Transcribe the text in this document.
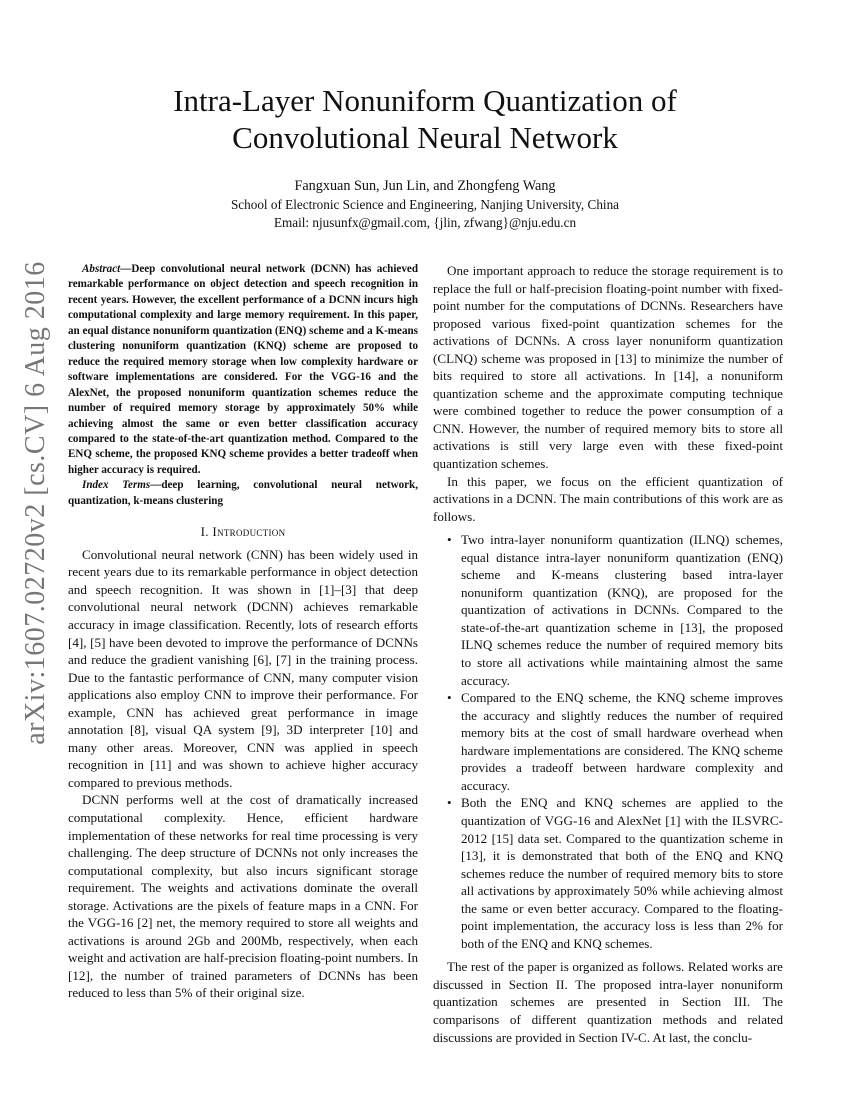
arXiv:1607.02720v2 [cs.CV] 6 Aug 2016
Intra-Layer Nonuniform Quantization of
Convolutional Neural Network

Fangxuan Sun, Jun Lin, and Zhongfeng Wang

School of Electronic Science and Engineering, Nanjing University, China

Email: njusunfx@gmail.com, {jlin, zfwang}@nju.edu.cn

Abstract—Deep convolutional neural network (DCNN) has achieved remarkable performance on object detection and speech recognition in recent years. However, the excellent performance of a DCNN incurs high computational complexity and large memory requirement. In this paper, an equal distance nonuniform quantization (ENQ) scheme and a K-means clustering nonuniform quantization (KNQ) scheme are proposed to reduce the required memory storage when low complexity hardware or software implementations are considered. For the VGG-16 and the AlexNet, the proposed nonuniform quantization schemes reduce the number of required memory storage by approximately 50% while achieving almost the same or even better classification accuracy compared to the state-of-the-art quantization method. Compared to the ENQ scheme, the proposed KNQ scheme provides a better tradeoff when higher accuracy is required.

Index Terms—deep learning, convolutional neural network, quantization, k-means clustering

I. Introduction

Convolutional neural network (CNN) has been widely used in recent years due to its remarkable performance in object detection and speech recognition. It was shown in [1]–[3] that deep convolutional neural network (DCNN) achieves remarkable accuracy in image classification. Recently, lots of research efforts [4], [5] have been devoted to improve the performance of DCNNs and reduce the gradient vanishing [6], [7] in the training process. Due to the fantastic performance of CNN, many computer vision applications also employ CNN to improve their performance. For example, CNN has achieved great performance in image annotation [8], visual QA system [9], 3D interpreter [10] and many other areas. Moreover, CNN was applied in speech recognition in [11] and was shown to achieve higher accuracy compared to previous methods.

DCNN performs well at the cost of dramatically increased computational complexity. Hence, efficient hardware implementation of these networks for real time processing is very challenging. The deep structure of DCNNs not only increases the computational complexity, but also incurs significant storage requirement. The weights and activations dominate the overall storage. Activations are the pixels of feature maps in a CNN. For the VGG-16 [2] net, the memory required to store all weights and activations is around 2Gb and 200Mb, respectively, when each weight and activation are half-precision floating-point numbers. In [12], the number of trained parameters of DCNNs has been reduced to less than 5% of their original size.

One important approach to reduce the storage requirement is to replace the full or half-precision floating-point number with fixed-point number for the computations of DCNNs. Researchers have proposed various fixed-point quantization schemes for the activations of DCNNs. A cross layer nonuniform quantization (CLNQ) scheme was proposed in [13] to minimize the number of bits required to store all activations. In [14], a nonuniform quantization scheme and the approximate computing technique were combined together to reduce the power consumption of a CNN. However, the number of required memory bits to store all activations is still very large even with these fixed-point quantization schemes.

In this paper, we focus on the efficient quantization of activations in a DCNN. The main contributions of this work are as follows.

• Two intra-layer nonuniform quantization (ILNQ) schemes, equal distance intra-layer nonuniform quantization (ENQ) scheme and K-means clustering based intra-layer nonuniform quantization (KNQ), are proposed for the quantization of activations in DCNNs. Compared to the state-of-the-art quantization scheme in [13], the proposed ILNQ schemes reduce the number of required memory bits to store all activations while maintaining almost the same accuracy.
• Compared to the ENQ scheme, the KNQ scheme improves the accuracy and slightly reduces the number of required memory bits at the cost of small hardware overhead when hardware implementations are considered. The KNQ scheme provides a tradeoff between hardware complexity and accuracy.
• Both the ENQ and KNQ schemes are applied to the quantization of VGG-16 and AlexNet [1] with the ILSVRC-2012 [15] data set. Compared to the quantization scheme in [13], it is demonstrated that both of the ENQ and KNQ schemes reduce the number of required memory bits to store all activations by approximately 50% while achieving almost the same or even better accuracy. Compared to the floating-point implementation, the accuracy loss is less than 2% for both of the ENQ and KNQ schemes.

The rest of the paper is organized as follows. Related works are discussed in Section II. The proposed intra-layer nonuniform quantization schemes are presented in Section III. The comparisons of different quantization methods and related discussions are provided in Section IV-C. At last, the conclu-
